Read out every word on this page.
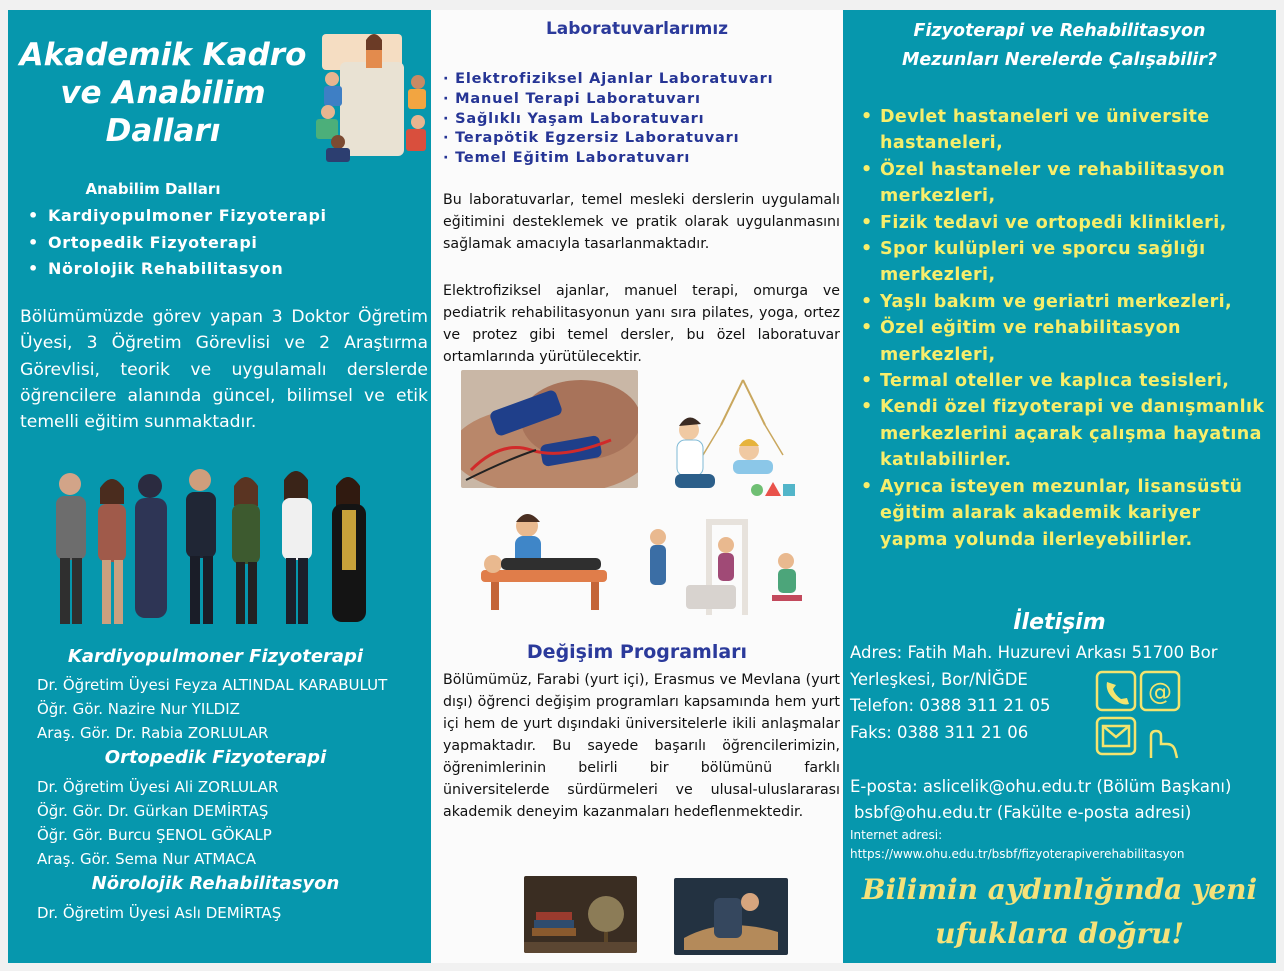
Akademik Kadro
ve Anabilim
Dalları
Anabilim Dalları
• Kardiyopulmoner Fizyoterapi
• Ortopedik Fizyoterapi
• Nörolojik Rehabilitasyon
Bölümümüzde görev yapan 3 Doktor Öğretim Üyesi, 3 Öğretim Görevlisi ve 2 Araştırma Görevlisi, teorik ve uygulamalı derslerde öğrencilere alanında güncel, bilimsel ve etik temelli eğitim sunmaktadır.
Kardiyopulmoner Fizyoterapi
Dr. Öğretim Üyesi Feyza ALTINDAL KARABULUT
Öğr. Gör. Nazire Nur YILDIZ
Araş. Gör. Dr. Rabia ZORLULAR
Ortopedik Fizyoterapi
Dr. Öğretim Üyesi Ali ZORLULAR
Öğr. Gör. Dr. Gürkan DEMİRTAŞ
Öğr. Gör. Burcu ŞENOL GÖKALP
Araş. Gör. Sema Nur ATMACA
Nörolojik Rehabilitasyon
Dr. Öğretim Üyesi Aslı DEMİRTAŞ
Laboratuvarlarımız
· Elektrofiziksel Ajanlar Laboratuvarı
· Manuel Terapi Laboratuvarı
· Sağlıklı Yaşam Laboratuvarı
· Terapötik Egzersiz Laboratuvarı
· Temel Eğitim Laboratuvarı
Bu laboratuvarlar, temel mesleki derslerin uygulamalı eğitimini desteklemek ve pratik olarak uygulanmasını sağlamak amacıyla tasarlanmaktadır.
Elektrofiziksel ajanlar, manuel terapi, omurga ve pediatrik rehabilitasyonun yanı sıra pilates, yoga, ortez ve protez gibi temel dersler, bu özel laboratuvar ortamlarında yürütülecektir.
Değişim Programları
Bölümümüz, Farabi (yurt içi), Erasmus ve Mevlana (yurt dışı) öğrenci değişim programları kapsamında hem yurt içi hem de yurt dışındaki üniversitelerle ikili anlaşmalar yapmaktadır. Bu sayede başarılı öğrencilerimizin, öğrenimlerinin belirli bir bölümünü farklı üniversitelerde sürdürmeleri ve ulusal-uluslararası akademik deneyim kazanmaları hedeflenmektedir.
Fizyoterapi ve Rehabilitasyon
Mezunları Nerelerde Çalışabilir?
• Devlet hastaneleri ve üniversite hastaneleri,
• Özel hastaneler ve rehabilitasyon merkezleri,
• Fizik tedavi ve ortopedi klinikleri,
• Spor kulüpleri ve sporcu sağlığı merkezleri,
• Yaşlı bakım ve geriatri merkezleri,
• Özel eğitim ve rehabilitasyon merkezleri,
• Termal oteller ve kaplıca tesisleri,
• Kendi özel fizyoterapi ve danışmanlık merkezlerini açarak çalışma hayatına katılabilirler.
• Ayrıca isteyen mezunlar, lisansüstü eğitim alarak akademik kariyer yapma yolunda ilerleyebilirler.
İletişim
Adres: Fatih Mah. Huzurevi Arkası 51700 Bor
Yerleşkesi, Bor/NİĞDE
Telefon: 0388 311 21 05
Faks: 0388 311 21 06
@
E-posta: aslicelik@ohu.edu.tr (Bölüm Başkanı)
bsbf@ohu.edu.tr (Fakülte e-posta adresi)
Internet adresi:
https://www.ohu.edu.tr/bsbf/fizyoterapiverehabilitasyon
Bilimin aydınlığında yeni
ufuklara doğru!
